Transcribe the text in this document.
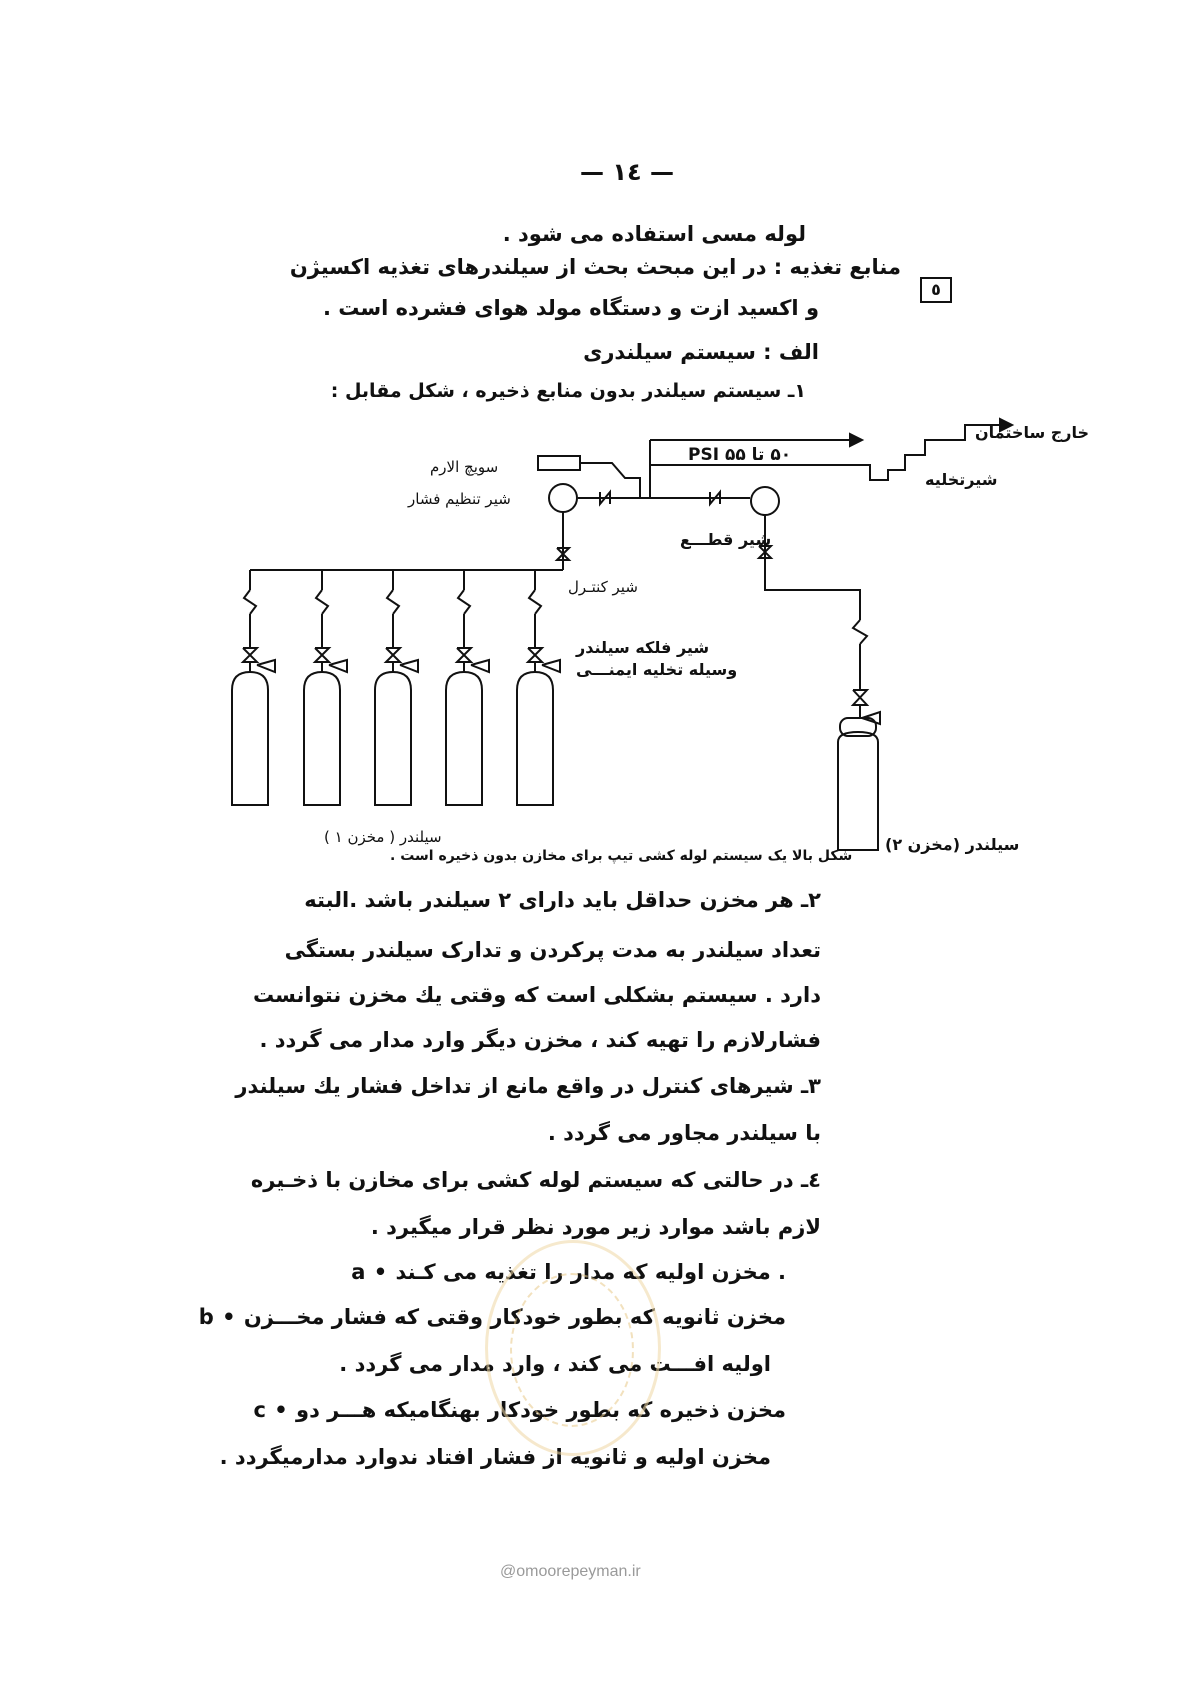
— ١٤ —
لوله مسی استفاده می شود .
٥
منابع تغذیه : در این مبحث بحث از سیلندرهای تغذیه اکسیژن
و اکسید ازت و دستگاه مولد هوای فشرده است .
الف : سیستم سیلندری
۱ـ سیستم سیلندر بدون منابع ذخیره ، شکل مقابل :
خارج ساختمان
۵۰ تا ۵۵ PSI
سویچ الارم
شیرتخلیه
شیر تنظیم فشار
شیر قطـــع
شیر کنتـرل
شیر فلکه سیلندر
وسیله تخلیه ایمنـــی
سیلندر ( مخزن ۱ )	سیلندر (مخزن ۲)
شکل بالا یک سیستم لوله کشی تیپ برای مخازن بدون ذخیره است .
۲ـ هر مخزن حداقل باید دارای ۲ سیلندر باشد .البته
تعداد سیلندر به مدت پرکردن و تدارک سیلندر بستگی
دارد . سیستم بشکلی است که وقتی یك مخزن نتوانست
فشارلازم را تهیه کند ، مخزن دیگر وارد مدار می گردد .
۳ـ شیرهای کنترل در واقع مانع از تداخل فشار یك سیلندر
با سیلندر مجاور می گردد .
٤ـ در حالتی که سیستم لوله کشی برای مخازن با ذخـیره
لازم باشد موارد زیر مورد نظر قرار میگیرد .
a • مخزن اولیه که مدار را تغذیه می کـند .
b • مخزن ثانویه که بطور خودکار وقتی که فشار مخـــزن
اولیه افـــت می کند ، وارد مدار می گردد .
c • مخزن ذخیره که بطور خودکار بهنگامیکه هـــر دو
مخزن اولیه و ثانویه از فشار افتاد ندوارد مدارمیگردد .
@omoorepeyman.ir
